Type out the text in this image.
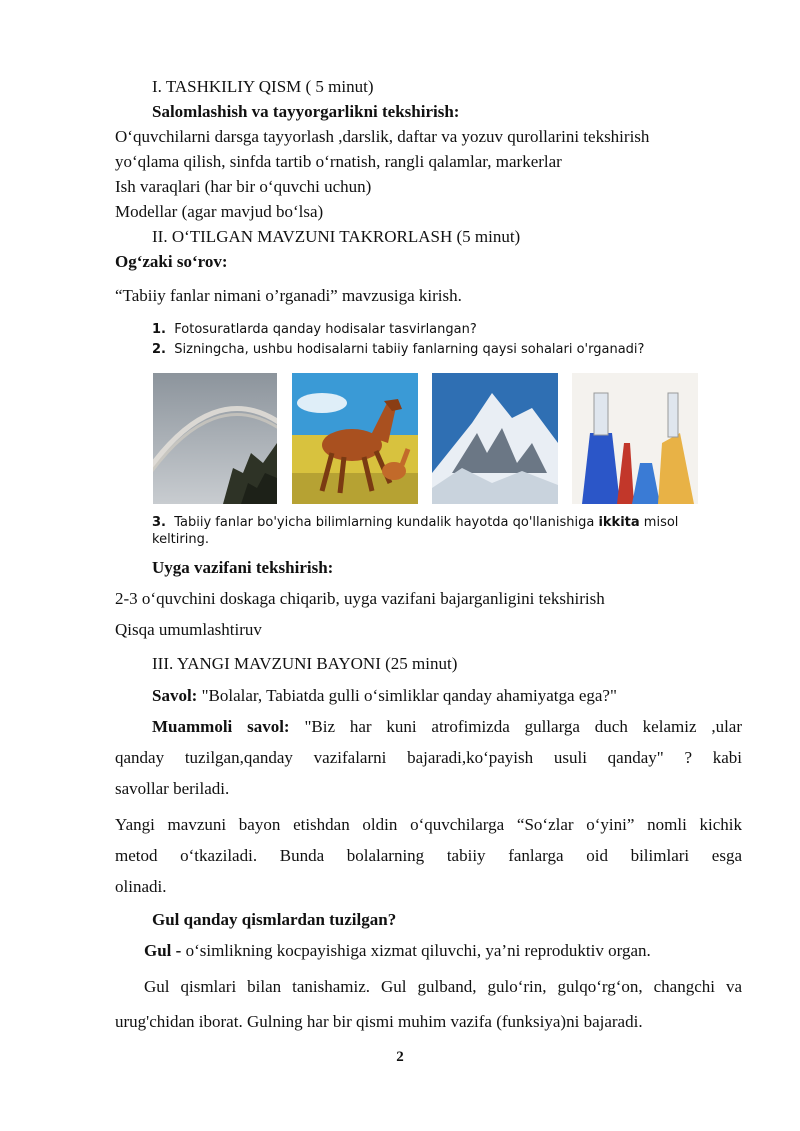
I. TASHKILIY QISM ( 5 minut)
Salomlashish va tayyorgarlikni tekshirish:
O‘quvchilarni darsga tayyorlash ,darslik, daftar va yozuv qurollarini tekshirish
yo‘qlama qilish, sinfda tartib o‘rnatish, rangli qalamlar, markerlar
Ish varaqlari (har bir o‘quvchi uchun)
Modellar (agar mavjud bo‘lsa)
II. O‘TILGAN MAVZUNI TAKRORLASH (5 minut)
Og‘zaki so‘rov:
“Tabiiy fanlar nimani o’rganadi” mavzusiga kirish.
1. Fotosuratlarda qanday hodisalar tasvirlangan?
2. Sizningcha, ushbu hodisalarni tabiiy fanlarning qaysi sohalari o'rganadi?
3. Tabiiy fanlar bo'yicha bilimlarning kundalik hayotda qo'llanishiga ikkita misol
keltiring.
Uyga vazifani tekshirish:
2-3 o‘quvchini doskaga chiqarib, uyga vazifani bajarganligini tekshirish
Qisqa umumlashtiruv
III. YANGI MAVZUNI BAYONI (25 minut)
Savol: "Bolalar, Tabiatda gulli o‘simliklar qanday ahamiyatga ega?"
Muammoli savol: "Biz har kuni atrofimizda gullarga duch kelamiz ,ular
qanday tuzilgan,qanday vazifalarni bajaradi,ko‘payish usuli qanday" ? kabi
savollar beriladi.
Yangi mavzuni bayon etishdan oldin o‘quvchilarga “So‘zlar o‘yini” nomli kichik
metod o‘tkaziladi. Bunda bolalarning tabiiy fanlarga oid bilimlari esga
olinadi.
Gul qanday qismlardan tuzilgan?
Gul - o‘simlikning kocpayishiga xizmat qiluvchi, ya’ni reproduktiv organ.
Gul qismlari bilan tanishamiz. Gul gulband, gulo‘rin, gulqo‘rg‘on, changchi va
urug'chidan iborat. Gulning har bir qismi muhim vazifa (funksiya)ni bajaradi.
2
